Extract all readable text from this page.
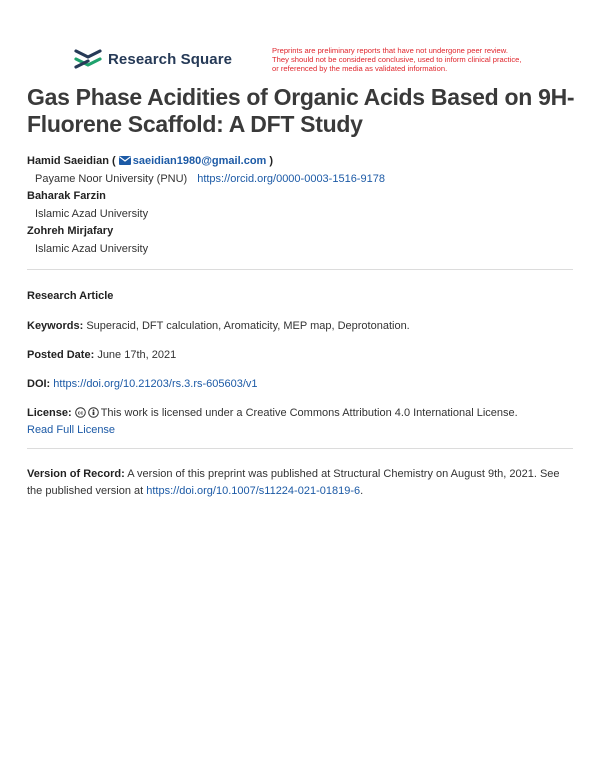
Research Square	Preprints are preliminary reports that have not undergone peer review.
They should not be considered conclusive, used to inform clinical practice,
or referenced by the media as validated information.
Gas Phase Acidities of Organic Acids Based on 9H-Fluorene Scaffold: A DFT Study
Hamid Saeidian ( saeidian1980@gmail.com )
Payame Noor University (PNU) https://orcid.org/0000-0003-1516-9178
Baharak Farzin
Islamic Azad University
Zohreh Mirjafary
Islamic Azad University
Research Article
Keywords: Superacid, DFT calculation, Aromaticity, MEP map, Deprotonation.
Posted Date: June 17th, 2021
DOI: https://doi.org/10.21203/rs.3.rs-605603/v1
License: cc This work is licensed under a Creative Commons Attribution 4.0 International License.
Read Full License
Version of Record: A version of this preprint was published at Structural Chemistry on August 9th, 2021. See the published version at https://doi.org/10.1007/s11224-021-01819-6.
